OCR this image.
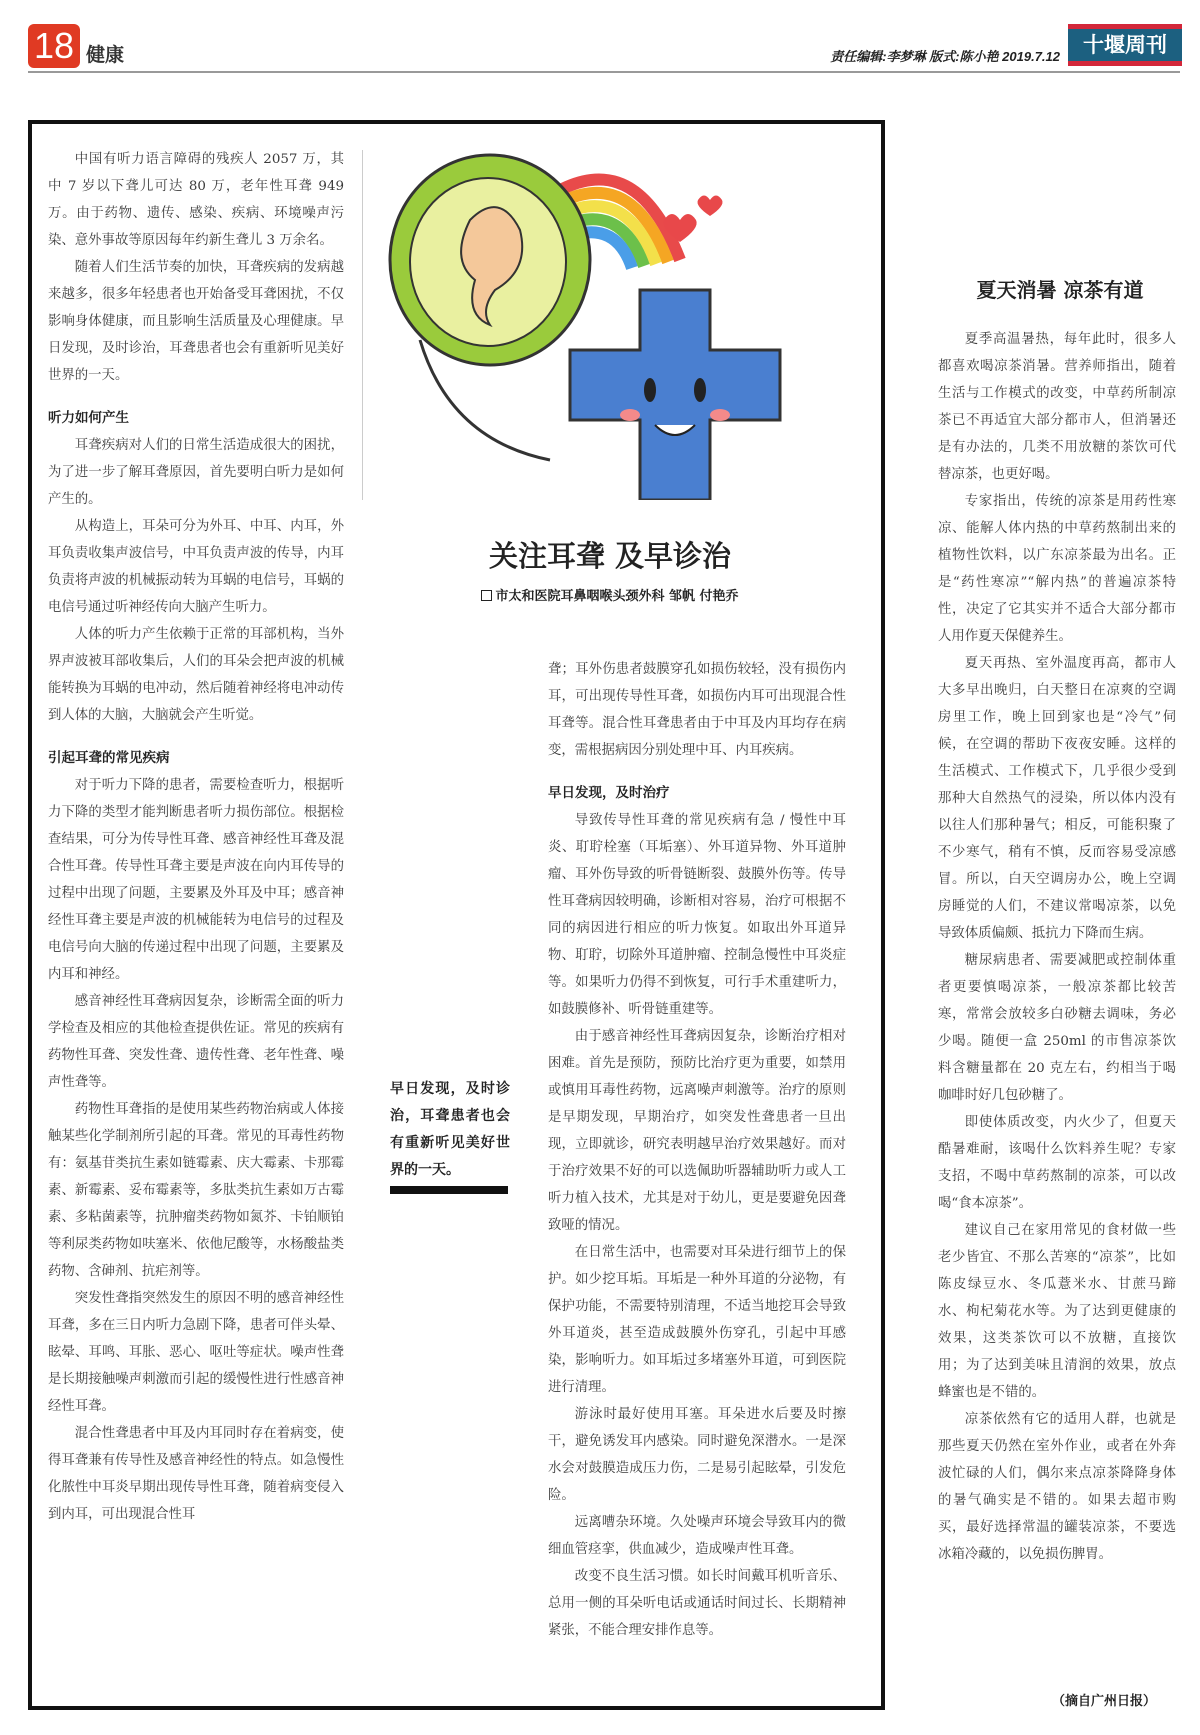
18 健康	责任编辑:李梦琳 版式:陈小艳 2019.7.12	十堰周刊

中国有听力语言障碍的残疾人 2057 万，其中 7 岁以下聋儿可达 80 万，老年性耳聋 949 万。由于药物、遗传、感染、疾病、环境噪声污染、意外事故等原因每年约新生聋儿 3 万余名。

随着人们生活节奏的加快，耳聋疾病的发病越来越多，很多年轻患者也开始备受耳聋困扰，不仅影响身体健康，而且影响生活质量及心理健康。早日发现，及时诊治，耳聋患者也会有重新听见美好世界的一天。

听力如何产生

耳聋疾病对人们的日常生活造成很大的困扰，为了进一步了解耳聋原因，首先要明白听力是如何产生的。

从构造上，耳朵可分为外耳、中耳、内耳，外耳负责收集声波信号，中耳负责声波的传导，内耳负责将声波的机械振动转为耳蜗的电信号，耳蜗的电信号通过听神经传向大脑产生听力。

人体的听力产生依赖于正常的耳部机构，当外界声波被耳部收集后，人们的耳朵会把声波的机械能转换为耳蜗的电冲动，然后随着神经将电冲动传到人体的大脑，大脑就会产生听觉。

引起耳聋的常见疾病

对于听力下降的患者，需要检查听力，根据听力下降的类型才能判断患者听力损伤部位。根据检查结果，可分为传导性耳聋、感音神经性耳聋及混合性耳聋。传导性耳聋主要是声波在向内耳传导的过程中出现了问题，主要累及外耳及中耳；感音神经性耳聋主要是声波的机械能转为电信号的过程及电信号向大脑的传递过程中出现了问题，主要累及内耳和神经。

感音神经性耳聋病因复杂，诊断需全面的听力学检查及相应的其他检查提供佐证。常见的疾病有药物性耳聋、突发性聋、遗传性聋、老年性聋、噪声性聋等。

药物性耳聋指的是使用某些药物治病或人体接触某些化学制剂所引起的耳聋。常见的耳毒性药物有：氨基苷类抗生素如链霉素、庆大霉素、卡那霉素、新霉素、妥布霉素等，多肽类抗生素如万古霉素、多粘菌素等，抗肿瘤类药物如氮芥、卡铂顺铂等利尿类药物如呋塞米、依他尼酸等，水杨酸盐类药物、含砷剂、抗疟剂等。

突发性聋指突然发生的原因不明的感音神经性耳聋，多在三日内听力急剧下降，患者可伴头晕、眩晕、耳鸣、耳胀、恶心、呕吐等症状。噪声性聋是长期接触噪声刺激而引起的缓慢性进行性感音神经性耳聋。

混合性聋患者中耳及内耳同时存在着病变，使得耳聋兼有传导性及感音神经性的特点。如急慢性化脓性中耳炎早期出现传导性耳聋，随着病变侵入到内耳，可出现混合性耳

关注耳聋 及早诊治
市太和医院耳鼻咽喉头颈外科 邹帆 付艳乔
早日发现，及时诊治，耳聋患者也会有重新听见美好世界的一天。

聋；耳外伤患者鼓膜穿孔如损伤较轻，没有损伤内耳，可出现传导性耳聋，如损伤内耳可出现混合性耳聋等。混合性耳聋患者由于中耳及内耳均存在病变，需根据病因分别处理中耳、内耳疾病。

早日发现，及时治疗

导致传导性耳聋的常见疾病有急 / 慢性中耳炎、耵聍栓塞（耳垢塞）、外耳道异物、外耳道肿瘤、耳外伤导致的听骨链断裂、鼓膜外伤等。传导性耳聋病因较明确，诊断相对容易，治疗可根据不同的病因进行相应的听力恢复。如取出外耳道异物、耵聍，切除外耳道肿瘤、控制急慢性中耳炎症等。如果听力仍得不到恢复，可行手术重建听力，如鼓膜修补、听骨链重建等。

由于感音神经性耳聋病因复杂，诊断治疗相对困难。首先是预防，预防比治疗更为重要，如禁用或慎用耳毒性药物，远离噪声刺激等。治疗的原则是早期发现，早期治疗，如突发性聋患者一旦出现，立即就诊，研究表明越早治疗效果越好。而对于治疗效果不好的可以选佩助听器辅助听力或人工听力植入技术，尤其是对于幼儿，更是要避免因聋致哑的情况。

在日常生活中，也需要对耳朵进行细节上的保护。如少挖耳垢。耳垢是一种外耳道的分泌物，有保护功能，不需要特别清理，不适当地挖耳会导致外耳道炎，甚至造成鼓膜外伤穿孔，引起中耳感染，影响听力。如耳垢过多堵塞外耳道，可到医院进行清理。

游泳时最好使用耳塞。耳朵进水后要及时擦干，避免诱发耳内感染。同时避免深潜水。一是深水会对鼓膜造成压力伤，二是易引起眩晕，引发危险。

远离嘈杂环境。久处噪声环境会导致耳内的微细血管痉挛，供血减少，造成噪声性耳聋。

改变不良生活习惯。如长时间戴耳机听音乐、总用一侧的耳朵听电话或通话时间过长、长期精神紧张，不能合理安排作息等。

夏天消暑 凉茶有道

夏季高温暑热，每年此时，很多人都喜欢喝凉茶消暑。营养师指出，随着生活与工作模式的改变，中草药所制凉茶已不再适宜大部分都市人，但消暑还是有办法的，几类不用放糖的茶饮可代替凉茶，也更好喝。

专家指出，传统的凉茶是用药性寒凉、能解人体内热的中草药熬制出来的植物性饮料，以广东凉茶最为出名。正是“药性寒凉”“解内热”的普遍凉茶特性，决定了它其实并不适合大部分都市人用作夏天保健养生。

夏天再热、室外温度再高，都市人大多早出晚归，白天整日在凉爽的空调房里工作，晚上回到家也是“冷气”伺候，在空调的帮助下夜夜安睡。这样的生活模式、工作模式下，几乎很少受到那种大自然热气的浸染，所以体内没有以往人们那种暑气；相反，可能积聚了不少寒气，稍有不慎，反而容易受凉感冒。所以，白天空调房办公，晚上空调房睡觉的人们，不建议常喝凉茶，以免导致体质偏颇、抵抗力下降而生病。

糖尿病患者、需要减肥或控制体重者更要慎喝凉茶，一般凉茶都比较苦寒，常常会放较多白砂糖去调味，务必少喝。随便一盒 250ml 的市售凉茶饮料含糖量都在 20 克左右，约相当于喝咖啡时好几包砂糖了。

即使体质改变，内火少了，但夏天酷暑难耐，该喝什么饮料养生呢？专家支招，不喝中草药熬制的凉茶，可以改喝“食本凉茶”。

建议自己在家用常见的食材做一些老少皆宜、不那么苦寒的“凉茶”，比如陈皮绿豆水、冬瓜薏米水、甘蔗马蹄水、枸杞菊花水等。为了达到更健康的效果，这类茶饮可以不放糖，直接饮用；为了达到美味且清润的效果，放点蜂蜜也是不错的。

凉茶依然有它的适用人群，也就是那些夏天仍然在室外作业，或者在外奔波忙碌的人们，偶尔来点凉茶降降身体的暑气确实是不错的。如果去超市购买，最好选择常温的罐装凉茶，不要选冰箱冷藏的，以免损伤脾胃。

（摘自广州日报）
